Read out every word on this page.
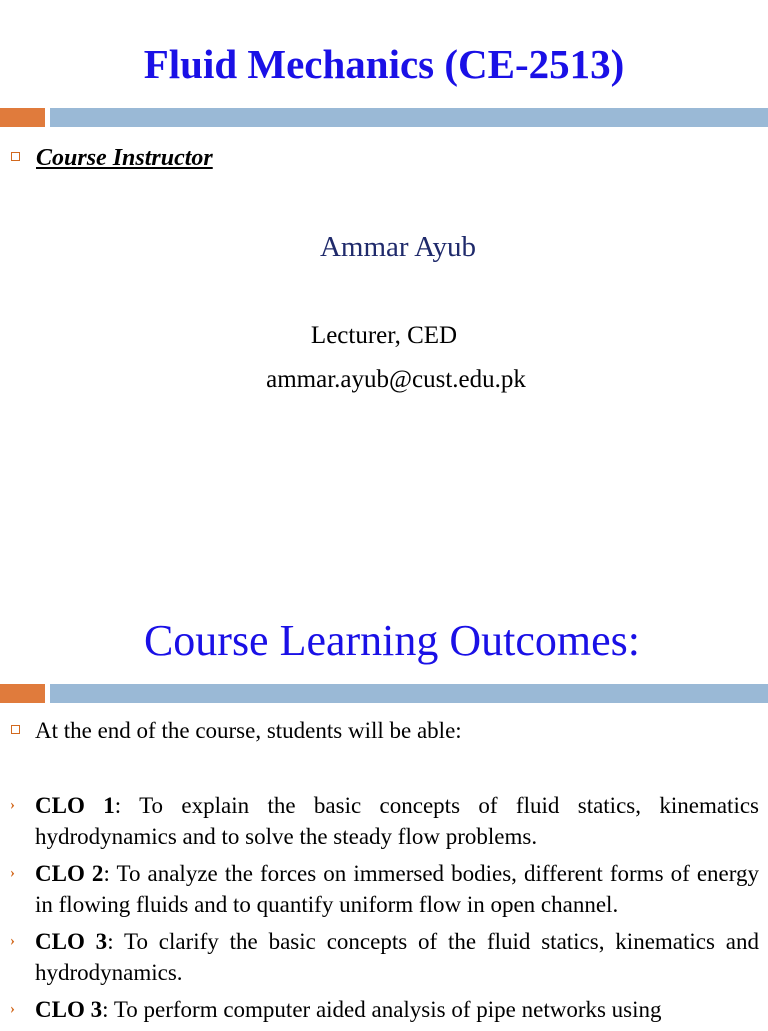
Fluid Mechanics (CE-2513)
Course Instructor
Ammar Ayub
Lecturer, CED
ammar.ayub@cust.edu.pk
Course Learning Outcomes:
At the end of the course, students will be able:
› CLO 1: To explain the basic concepts of fluid statics, kinematics hydrodynamics and to solve the steady flow problems.
› CLO 2: To analyze the forces on immersed bodies, different forms of energy in flowing fluids and to quantify uniform flow in open channel.
› CLO 3: To clarify the basic concepts of the fluid statics, kinematics and hydrodynamics.
› CLO 3: To perform computer aided analysis of pipe networks using
